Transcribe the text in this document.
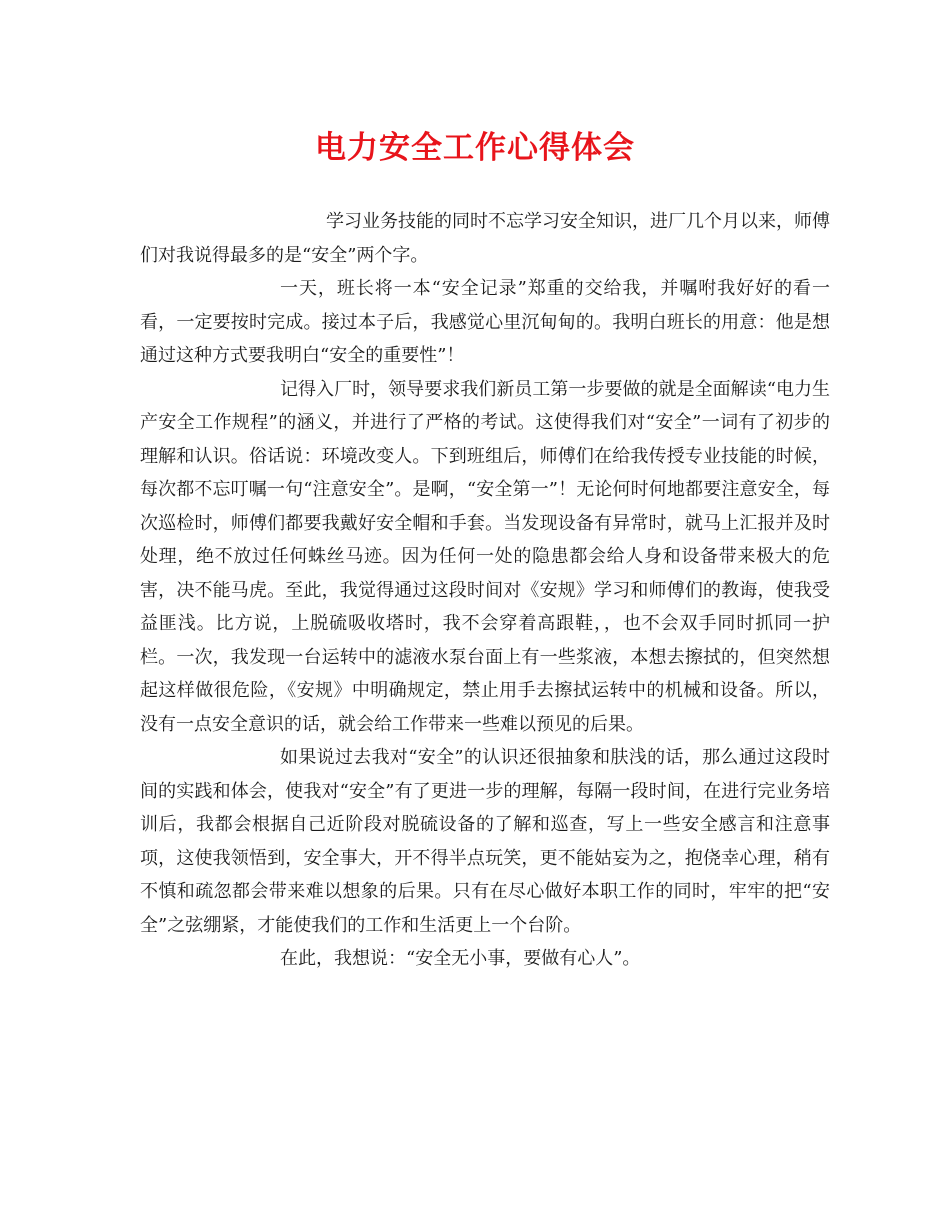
电力安全工作心得体会

学习业务技能的同时不忘学习安全知识，进厂几个月以来，师傅们对我说得最多的是“安全”两个字。

一天，班长将一本“安全记录”郑重的交给我，并嘱咐我好好的看一看，一定要按时完成。接过本子后，我感觉心里沉甸甸的。我明白班长的用意：他是想通过这种方式要我明白“安全的重要性”！

记得入厂时，领导要求我们新员工第一步要做的就是全面解读“电力生产安全工作规程”的涵义，并进行了严格的考试。这使得我们对“安全”一词有了初步的理解和认识。俗话说：环境改变人。下到班组后，师傅们在给我传授专业技能的时候，每次都不忘叮嘱一句“注意安全”。是啊，“安全第一”！无论何时何地都要注意安全，每次巡检时，师傅们都要我戴好安全帽和手套。当发现设备有异常时，就马上汇报并及时处理，绝不放过任何蛛丝马迹。因为任何一处的隐患都会给人身和设备带来极大的危害，决不能马虎。至此，我觉得通过这段时间对《安规》学习和师傅们的教诲，使我受益匪浅。比方说，上脱硫吸收塔时，我不会穿着高跟鞋，，也不会双手同时抓同一护栏。一次，我发现一台运转中的滤液水泵台面上有一些浆液，本想去擦拭的，但突然想起这样做很危险，《安规》中明确规定，禁止用手去擦拭运转中的机械和设备。所以，没有一点安全意识的话，就会给工作带来一些难以预见的后果。

如果说过去我对“安全”的认识还很抽象和肤浅的话，那么通过这段时间的实践和体会，使我对“安全”有了更进一步的理解，每隔一段时间，在进行完业务培训后，我都会根据自己近阶段对脱硫设备的了解和巡查，写上一些安全感言和注意事项，这使我领悟到，安全事大，开不得半点玩笑，更不能姑妄为之，抱侥幸心理，稍有不慎和疏忽都会带来难以想象的后果。只有在尽心做好本职工作的同时，牢牢的把“安全”之弦绷紧，才能使我们的工作和生活更上一个台阶。

在此，我想说：“安全无小事，要做有心人”。
